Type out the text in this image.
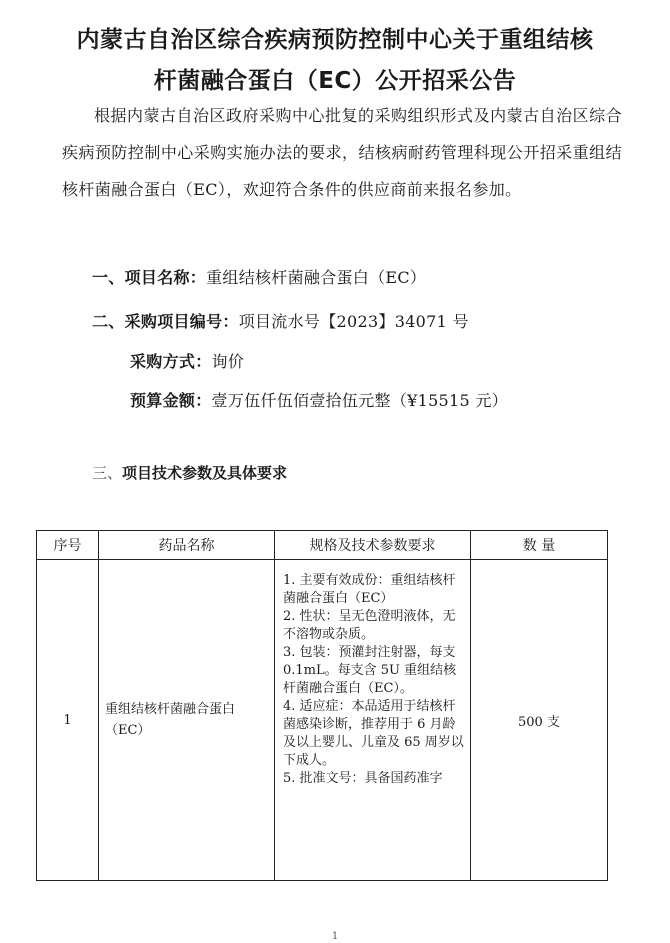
内蒙古自治区综合疾病预防控制中心关于重组结核
杆菌融合蛋白（EC）公开招采公告
根据内蒙古自治区政府采购中心批复的采购组织形式及内蒙古自治区综合疾病预防控制中心采购实施办法的要求，结核病耐药管理科现公开招采重组结核杆菌融合蛋白（EC），欢迎符合条件的供应商前来报名参加。
一、项目名称：重组结核杆菌融合蛋白（EC）
二、采购项目编号：项目流水号【2023】34071 号
采购方式：询价
预算金额：壹万伍仟伍佰壹拾伍元整（¥15515 元）
三、项目技术参数及具体要求
序号	药品名称	规格及技术参数要求	数 量
1	重组结核杆菌融合蛋白（EC）	1. 主要有效成份：重组结核杆菌融合蛋白（EC）

2. 性状：呈无色澄明液体，无不溶物或杂质。

3. 包装：预灌封注射器，每支 0.1mL。每支含 5U 重组结核杆菌融合蛋白（EC）。

4. 适应症：本品适用于结核杆菌感染诊断，推荐用于 6 月龄及以上婴儿、儿童及 65 周岁以下成人。

5. 批准文号：具备国药准字	500 支
1
